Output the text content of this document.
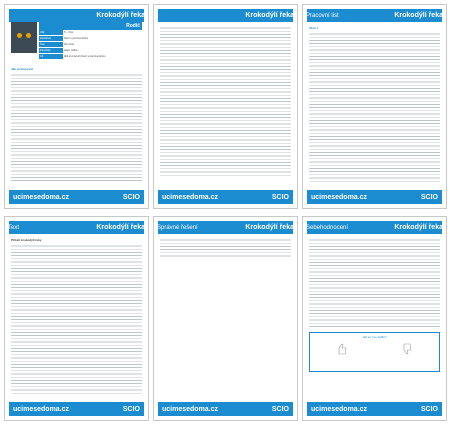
Krokodýlí řeka
Rodič
Věk	5 – 6 let
Zaměření	čtení s porozuměním
Čas	20 minut
Pomůcky	papír, tužka
Cíl	dítě si procvičí čtení s porozuměním
Jak postupovat
ucimesedoma.cz	SCIO
Krokodýlí řeka
ucimesedoma.cz	SCIO
Pracovní list	Krokodýlí řeka
Úkol 1
ucimesedoma.cz	SCIO
Text	Krokodýlí řeka
Příběh krokodýlí řeky
ucimesedoma.cz	SCIO
Správné řešení	Krokodýlí řeka
ucimesedoma.cz	SCIO
Sebehodnocení	Krokodýlí řeka
Jak se ti to dařilo?
ucimesedoma.cz	SCIO
